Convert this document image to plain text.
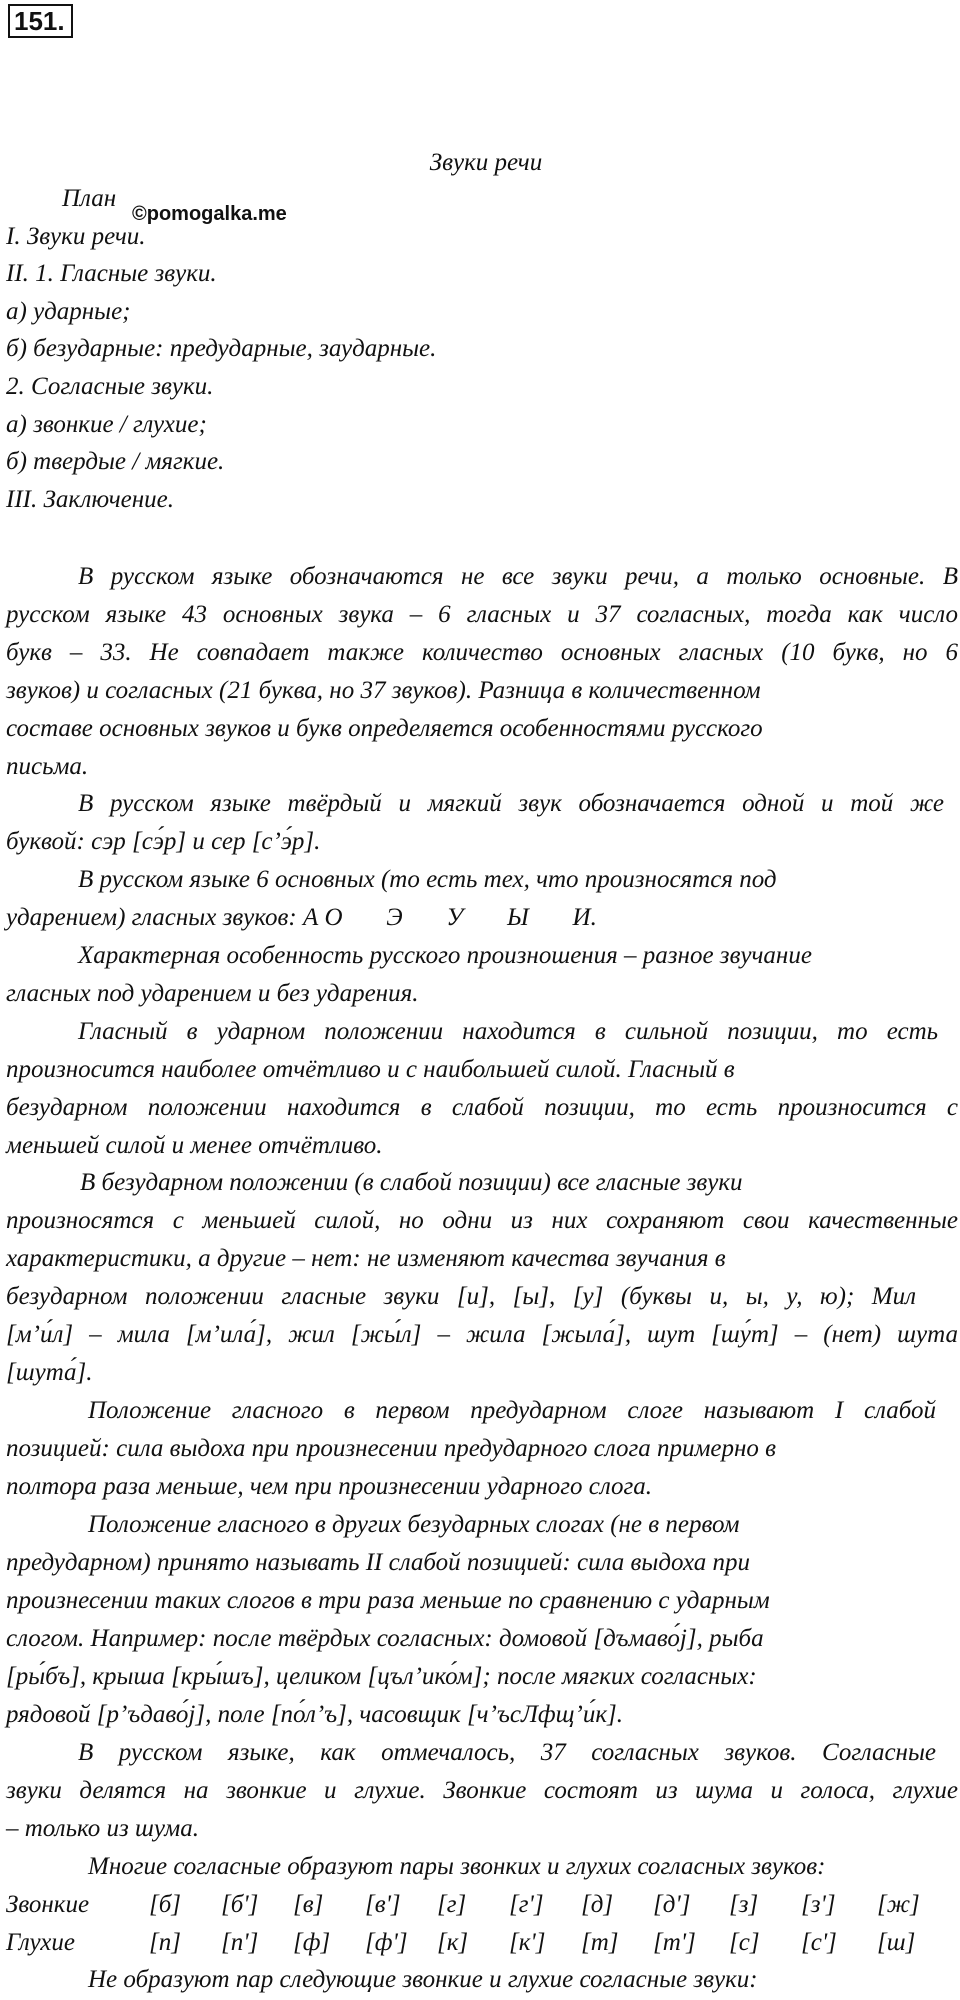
151.
Звуки речи
План
©pomogalka.me
I. Звуки речи.
II. 1. Гласные звуки.
а) ударные;
б) безударные: предударные, заударные.
2. Согласные звуки.
а) звонкие / глухие;
б) твердые / мягкие.
III. Заключение.
В русском языке обозначаются не все звуки речи, а только основные. В
русском языке 43 основных звука – 6 гласных и 37 согласных, тогда как число
букв – 33. Не совпадает также количество основных гласных (10 букв, но 6
звуков) и согласных (21 буква, но 37 звуков). Разница в количественном
составе основных звуков и букв определяется особенностями русского
письма.
В русском языке твёрдый и мягкий звук обозначается одной и той же
буквой: сэр [сэ́р] и сер [с’э́р].
В русском языке 6 основных (то есть тех, что произносятся под
ударением) гласных звуков: А О       Э       У       Ы       И.
Характерная особенность русского произношения – разное звучание
гласных под ударением и без ударения.
Гласный в ударном положении находится в сильной позиции, то есть
произносится наиболее отчётливо и с наибольшей силой. Гласный в
безударном положении находится в слабой позиции, то есть произносится с
меньшей силой и менее отчётливо.
В безударном положении (в слабой позиции) все гласные звуки
произносятся с меньшей силой, но одни из них сохраняют свои качественные
характеристики, а другие – нет: не изменяют качества звучания в
безударном положении гласные звуки [и], [ы], [у] (буквы и, ы, у, ю); Мил
[м’и́л] – мила [м’ила́], жил [жы́л] – жила [жыла́], шут [шу́т] – (нет) шута
[шута́].
Положение гласного в первом предударном слоге называют I слабой
позицией: сила выдоха при произнесении предударного слога примерно в
полтора раза меньше, чем при произнесении ударного слога.
Положение гласного в других безударных слогах (не в первом
предударном) принято называть II слабой позицией: сила выдоха при
произнесении таких слогов в три раза меньше по сравнению с ударным
слогом. Например: после твёрдых согласных: домовой [дъмаво́j], рыба
[ры́бъ], крыша [кры́шъ], целиком [цъл’ико́м]; после мягких согласных:
рядовой [р’ъдаво́j], поле [по́л’ъ], часовщик [ч’ъсЛфщ’и́к].
В русском языке, как отмечалось, 37 согласных звуков. Согласные
звуки делятся на звонкие и глухие. Звонкие состоят из шума и голоса, глухие
– только из шума.
Многие согласные образуют пары звонких и глухих согласных звуков:
Звонкие [б] [б'] [в] [в'] [г] [г'] [д] [д'] [з] [з'] [ж]
Глухие	[п] [п'] [ф] [ф'] [к] [к'] [т] [т'] [с] [с'] [ш]
Не образуют пар следующие звонкие и глухие согласные звуки:
